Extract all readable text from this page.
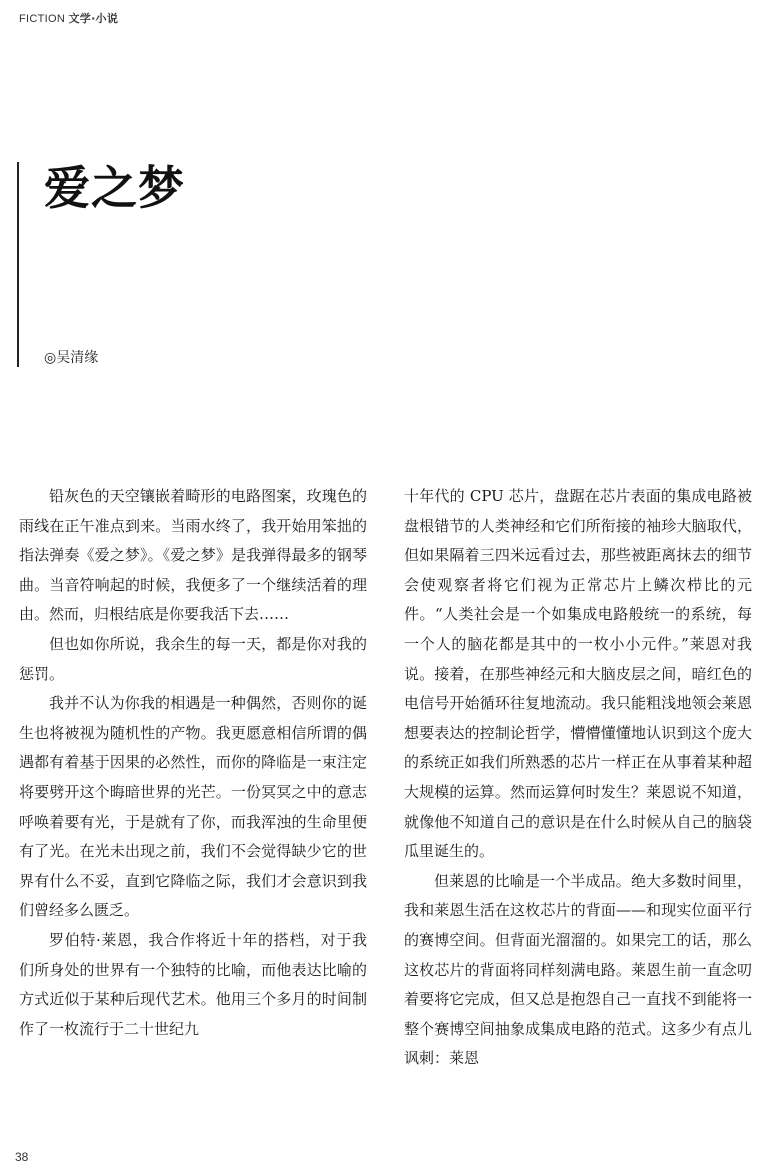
FICTION 文学·小说
爱之梦
◎吴清缘

铅灰色的天空镶嵌着畸形的电路图案，玫瑰色的雨线在正午准点到来。当雨水终了，我开始用笨拙的指法弹奏《爱之梦》。《爱之梦》是我弹得最多的钢琴曲。当音符响起的时候，我便多了一个继续活着的理由。然而，归根结底是你要我活下去……

但也如你所说，我余生的每一天，都是你对我的惩罚。

我并不认为你我的相遇是一种偶然，否则你的诞生也将被视为随机性的产物。我更愿意相信所谓的偶遇都有着基于因果的必然性，而你的降临是一束注定将要劈开这个晦暗世界的光芒。一份冥冥之中的意志呼唤着要有光，于是就有了你，而我浑浊的生命里便有了光。在光未出现之前，我们不会觉得缺少它的世界有什么不妥，直到它降临之际，我们才会意识到我们曾经多么匮乏。

罗伯特·莱恩，我合作将近十年的搭档，对于我们所身处的世界有一个独特的比喻，而他表达比喻的方式近似于某种后现代艺术。他用三个多月的时间制作了一枚流行于二十世纪九

十年代的 CPU 芯片，盘踞在芯片表面的集成电路被盘根错节的人类神经和它们所衔接的袖珍大脑取代，但如果隔着三四米远看过去，那些被距离抹去的细节会使观察者将它们视为正常芯片上鳞次栉比的元件。“人类社会是一个如集成电路般统一的系统，每一个人的脑花都是其中的一枚小小元件。”莱恩对我说。接着，在那些神经元和大脑皮层之间，暗红色的电信号开始循环往复地流动。我只能粗浅地领会莱恩想要表达的控制论哲学，懵懵懂懂地认识到这个庞大的系统正如我们所熟悉的芯片一样正在从事着某种超大规模的运算。然而运算何时发生？莱恩说不知道，就像他不知道自己的意识是在什么时候从自己的脑袋瓜里诞生的。

但莱恩的比喻是一个半成品。绝大多数时间里，我和莱恩生活在这枚芯片的背面——和现实位面平行的赛博空间。但背面光溜溜的。如果完工的话，那么这枚芯片的背面将同样刻满电路。莱恩生前一直念叨着要将它完成，但又总是抱怨自己一直找不到能将一整个赛博空间抽象成集成电路的范式。这多少有点儿讽刺：莱恩

38
